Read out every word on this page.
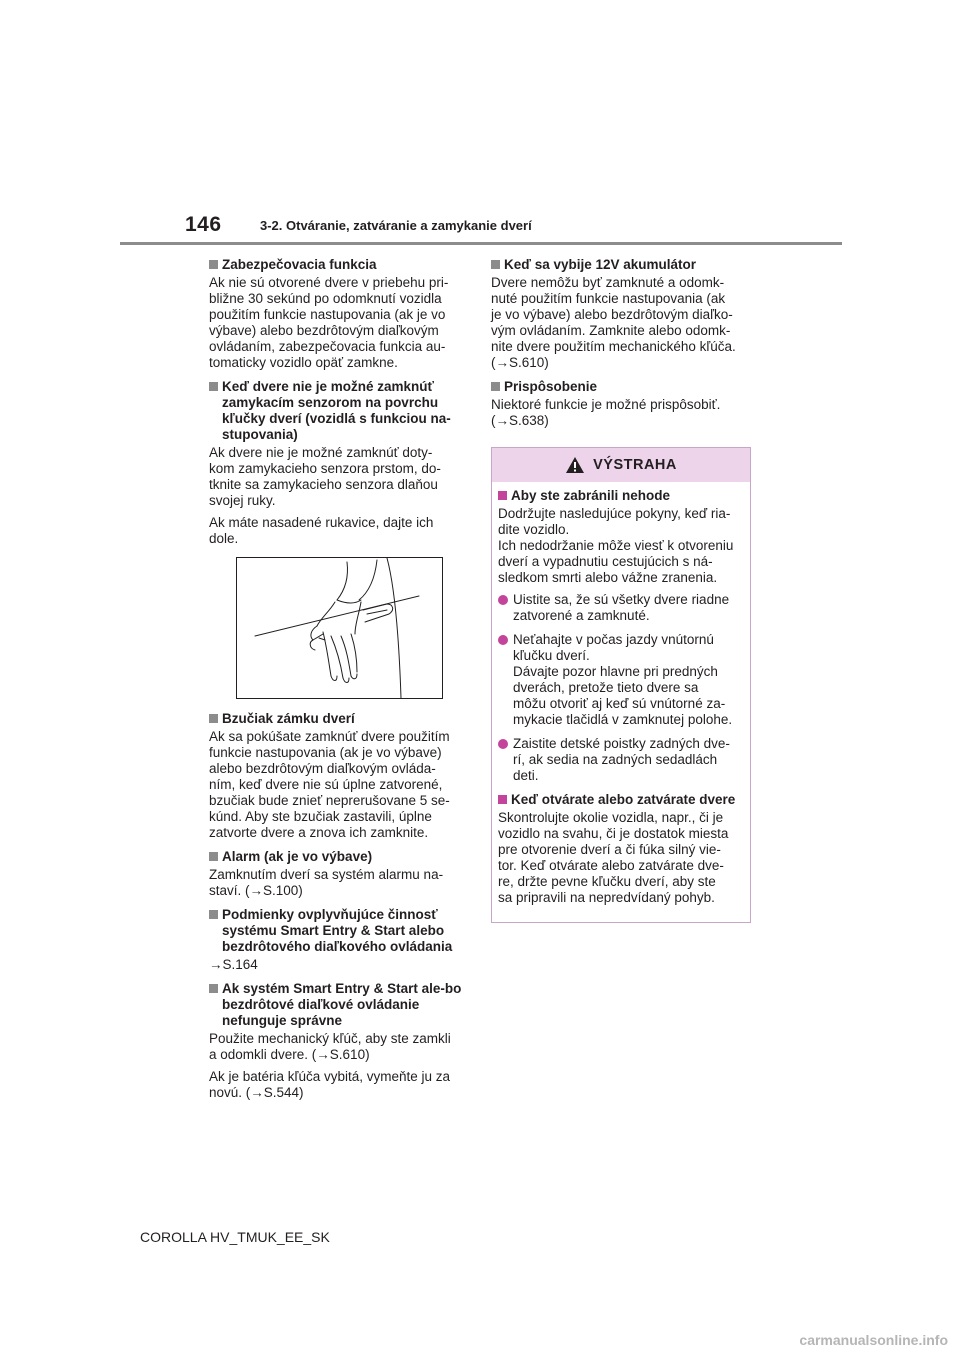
146	3-2. Otváranie, zatváranie a zamykanie dverí
Zabezpečovacia funkcia
Ak nie sú otvorené dvere v priebehu pri-
bližne 30 sekúnd po odomknutí vozidla
použitím funkcie nastupovania (ak je vo
výbave) alebo bezdrôtovým diaľkovým
ovládaním, zabezpečovacia funkcia au-
tomaticky vozidlo opäť zamkne.
Keď dvere nie je možné zamknúť zamykacím senzorom na povrchu kľučky dverí (vozidlá s funkciou na-stupovania)
Ak dvere nie je možné zamknúť doty-
kom zamykacieho senzora prstom, do-
tknite sa zamykacieho senzora dlaňou
svojej ruky.
Ak máte nasadené rukavice, dajte ich
dole.
Bzučiak zámku dverí
Ak sa pokúšate zamknúť dvere použitím
funkcie nastupovania (ak je vo výbave)
alebo bezdrôtovým diaľkovým ovláda-
ním, keď dvere nie sú úplne zatvorené,
bzučiak bude znieť neprerušovane 5 se-
kúnd. Aby ste bzučiak zastavili, úplne
zatvorte dvere a znova ich zamknite.
Alarm (ak je vo výbave)
Zamknutím dverí sa systém alarmu na-
staví. (→S.100)
Podmienky ovplyvňujúce činnosť systému Smart Entry & Start alebo bezdrôtového diaľkového ovládania
→S.164
Ak systém Smart Entry & Start ale-bo bezdrôtové diaľkové ovládanie nefunguje správne
Použite mechanický kľúč, aby ste zamkli
a odomkli dvere. (→S.610)
Ak je batéria kľúča vybitá, vymeňte ju za
novú. (→S.544)
Keď sa vybije 12V akumulátor
Dvere nemôžu byť zamknuté a odomk-
nuté použitím funkcie nastupovania (ak
je vo výbave) alebo bezdrôtovým diaľko-
vým ovládaním. Zamknite alebo odomk-
nite dvere použitím mechanického kľúča.
(→S.610)
Prispôsobenie
Niektoré funkcie je možné prispôsobiť.
(→S.638)
VÝSTRAHA
Aby ste zabránili nehode
Dodržujte nasledujúce pokyny, keď ria-
dite vozidlo.
Ich nedodržanie môže viesť k otvoreniu
dverí a vypadnutiu cestujúcich s ná-
sledkom smrti alebo vážne zranenia.
Uistite sa, že sú všetky dvere riadne
zatvorené a zamknuté.
Neťahajte v počas jazdy vnútornú
kľučku dverí.
Dávajte pozor hlavne pri predných
dverách, pretože tieto dvere sa
môžu otvoriť aj keď sú vnútorné za-
mykacie tlačidlá v zamknutej polohe.
Zaistite detské poistky zadných dve-
rí, ak sedia na zadných sedadlách
deti.
Keď otvárate alebo zatvárate dvere
Skontrolujte okolie vozidla, napr., či je
vozidlo na svahu, či je dostatok miesta
pre otvorenie dverí a či fúka silný vie-
tor. Keď otvárate alebo zatvárate dve-
re, držte pevne kľučku dverí, aby ste
sa pripravili na nepredvídaný pohyb.
COROLLA HV_TMUK_EE_SK
carmanualsonline.info
